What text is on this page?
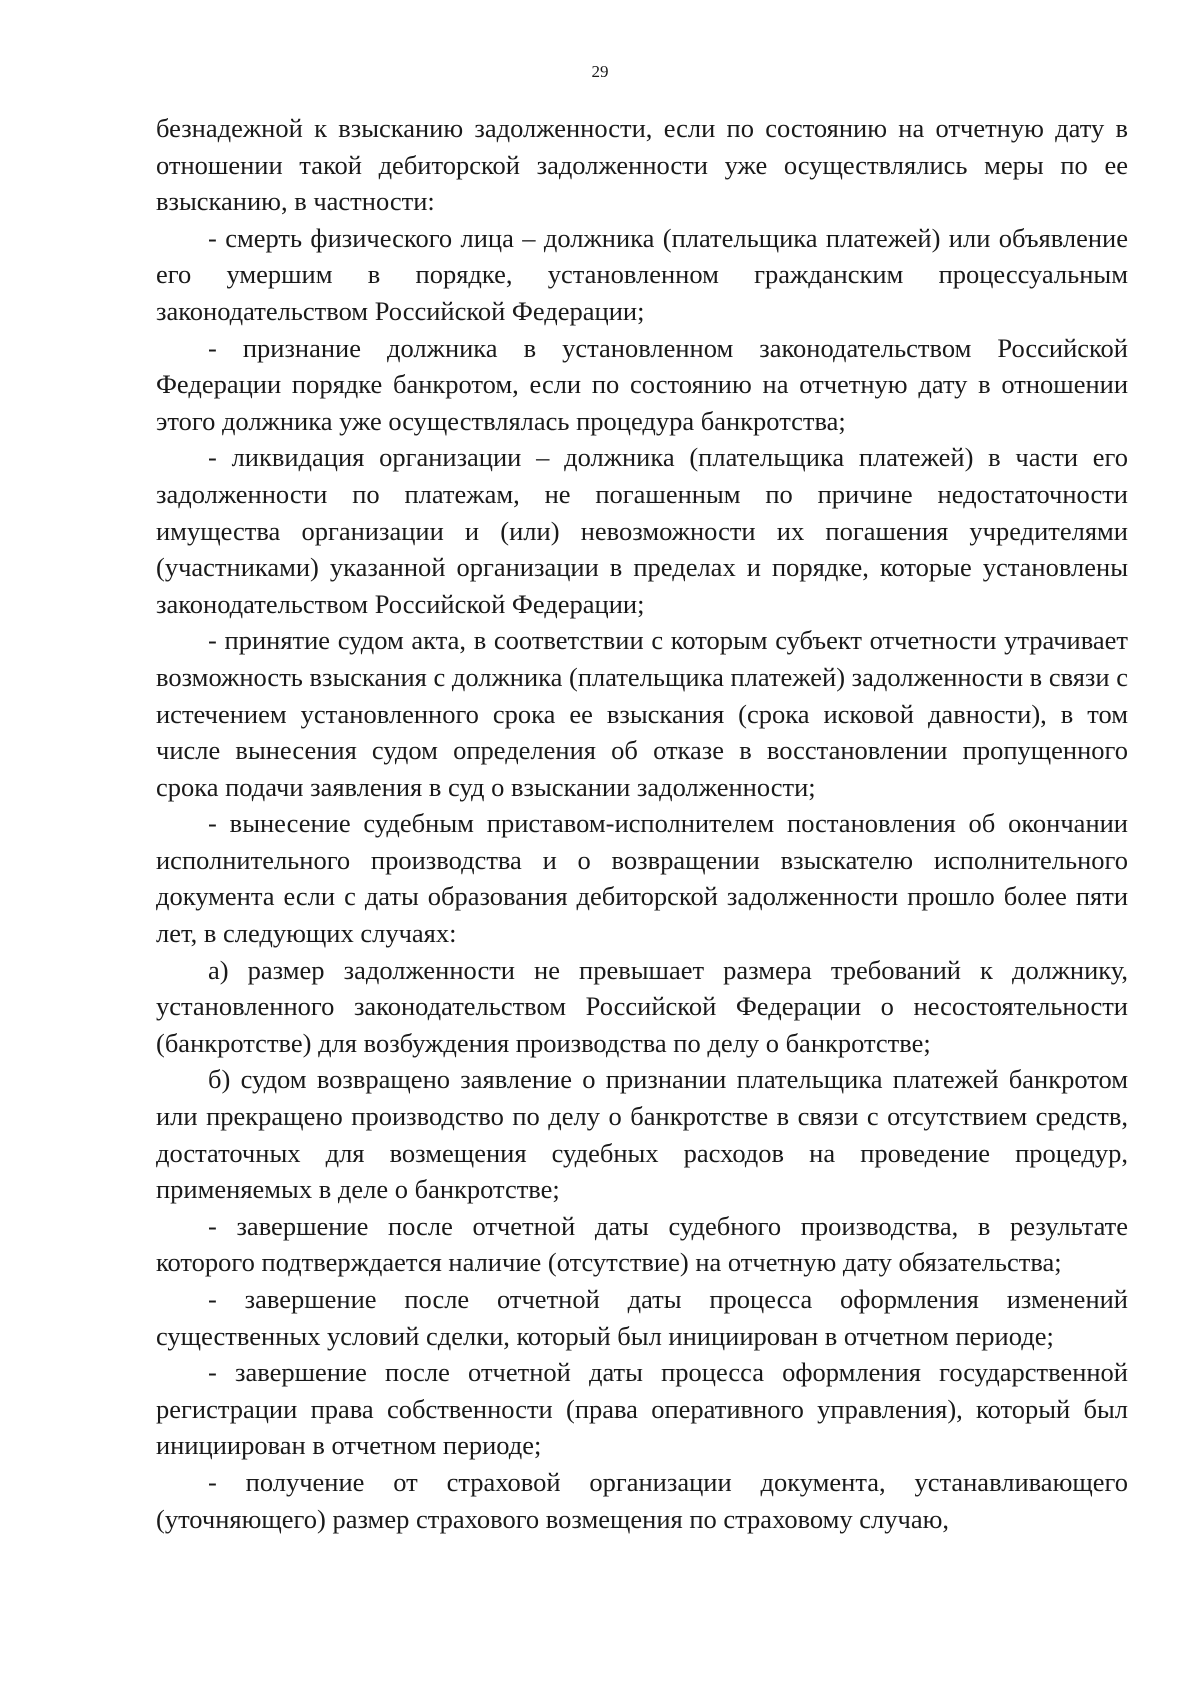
29

безнадежной к взысканию задолженности, если по состоянию на отчетную дату в отношении такой дебиторской задолженности уже осуществлялись меры по ее взысканию, в частности:

- смерть физического лица – должника (плательщика платежей) или объявление его умершим в порядке, установленном гражданским процессуальным законодательством Российской Федерации;

- признание должника в установленном законодательством Российской Федерации порядке банкротом, если по состоянию на отчетную дату в отношении этого должника уже осуществлялась процедура банкротства;

- ликвидация организации – должника (плательщика платежей) в части его задолженности по платежам, не погашенным по причине недостаточности имущества организации и (или) невозможности их погашения учредителями (участниками) указанной организации в пределах и порядке, которые установлены законодательством Российской Федерации;

- принятие судом акта, в соответствии с которым субъект отчетности утрачивает возможность взыскания с должника (плательщика платежей) задолженности в связи с истечением установленного срока ее взыскания (срока исковой давности), в том числе вынесения судом определения об отказе в восстановлении пропущенного срока подачи заявления в суд о взыскании задолженности;

- вынесение судебным приставом-исполнителем постановления об окончании исполнительного производства и о возвращении взыскателю исполнительного документа если с даты образования дебиторской задолженности прошло более пяти лет, в следующих случаях:

а) размер задолженности не превышает размера требований к должнику, установленного законодательством Российской Федерации о несостоятельности (банкротстве) для возбуждения производства по делу о банкротстве;

б) судом возвращено заявление о признании плательщика платежей банкротом или прекращено производство по делу о банкротстве в связи с отсутствием средств, достаточных для возмещения судебных расходов на проведение процедур, применяемых в деле о банкротстве;

- завершение после отчетной даты судебного производства, в результате которого подтверждается наличие (отсутствие) на отчетную дату обязательства;

- завершение после отчетной даты процесса оформления изменений существенных условий сделки, который был инициирован в отчетном периоде;

- завершение после отчетной даты процесса оформления государственной регистрации права собственности (права оперативного управления), который был инициирован в отчетном периоде;

- получение от страховой организации документа, устанавливающего (уточняющего) размер страхового возмещения по страховому случаю,
